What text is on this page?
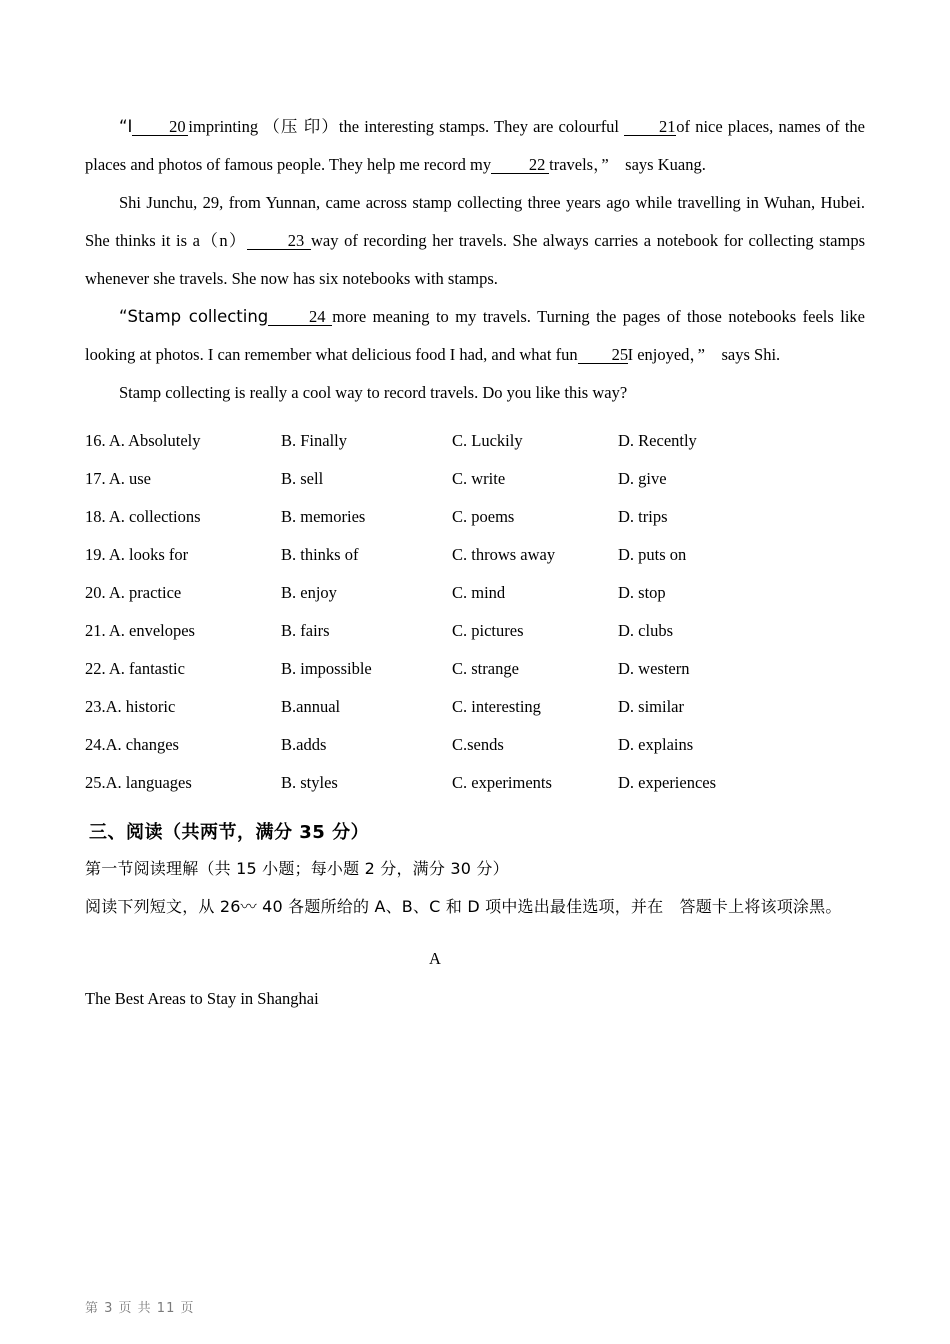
“I 20 imprinting （压 印）the interesting stamps. They are colourful 21of nice places, names of the places and photos of famous people. They help me record my 22 travels，”　says Kuang.

Shi Junchu, 29, from Yunnan, came across stamp collecting three years ago while travelling in Wuhan, Hubei. She thinks it is a（n） 23 way of recording her travels. She always carries a notebook for collecting stamps whenever she travels. She now has six notebooks with stamps.

“Stamp collecting 24 more meaning to my travels. Turning the pages of those notebooks feels like looking at photos. I can remember what delicious food I had, and what fun 25I enjoyed，”　says Shi.

Stamp collecting is really a cool way to record travels. Do you like this way?

16. A. Absolutely	B. Finally	C. Luckily	D. Recently
17. A. use	B. sell	C. write	D. give
18. A. collections	B. memories	C. poems	D. trips
19. A. looks for	B. thinks of	C. throws away	D. puts on
20. A. practice	B. enjoy	C. mind	D. stop
21. A. envelopes	B. fairs	C. pictures	D. clubs
22. A. fantastic	B. impossible	C. strange	D. western
23.A. historic	B.annual	C. interesting	D. similar
24.A. changes	B.adds	C.sends	D. explains
25.A. languages	B. styles	C. experiments	D. experiences
三、阅读（共两节，满分 35 分）
第一节阅读理解（共 15 小题；每小题 2 分，满分 30 分）
阅读下列短文，从 26〰 40 各题所给的 A、B、C 和 D 项中选出最佳选项，并在　答题卡上将该项涂黑。
A
The Best Areas to Stay in Shanghai
第 3 页 共 11 页
